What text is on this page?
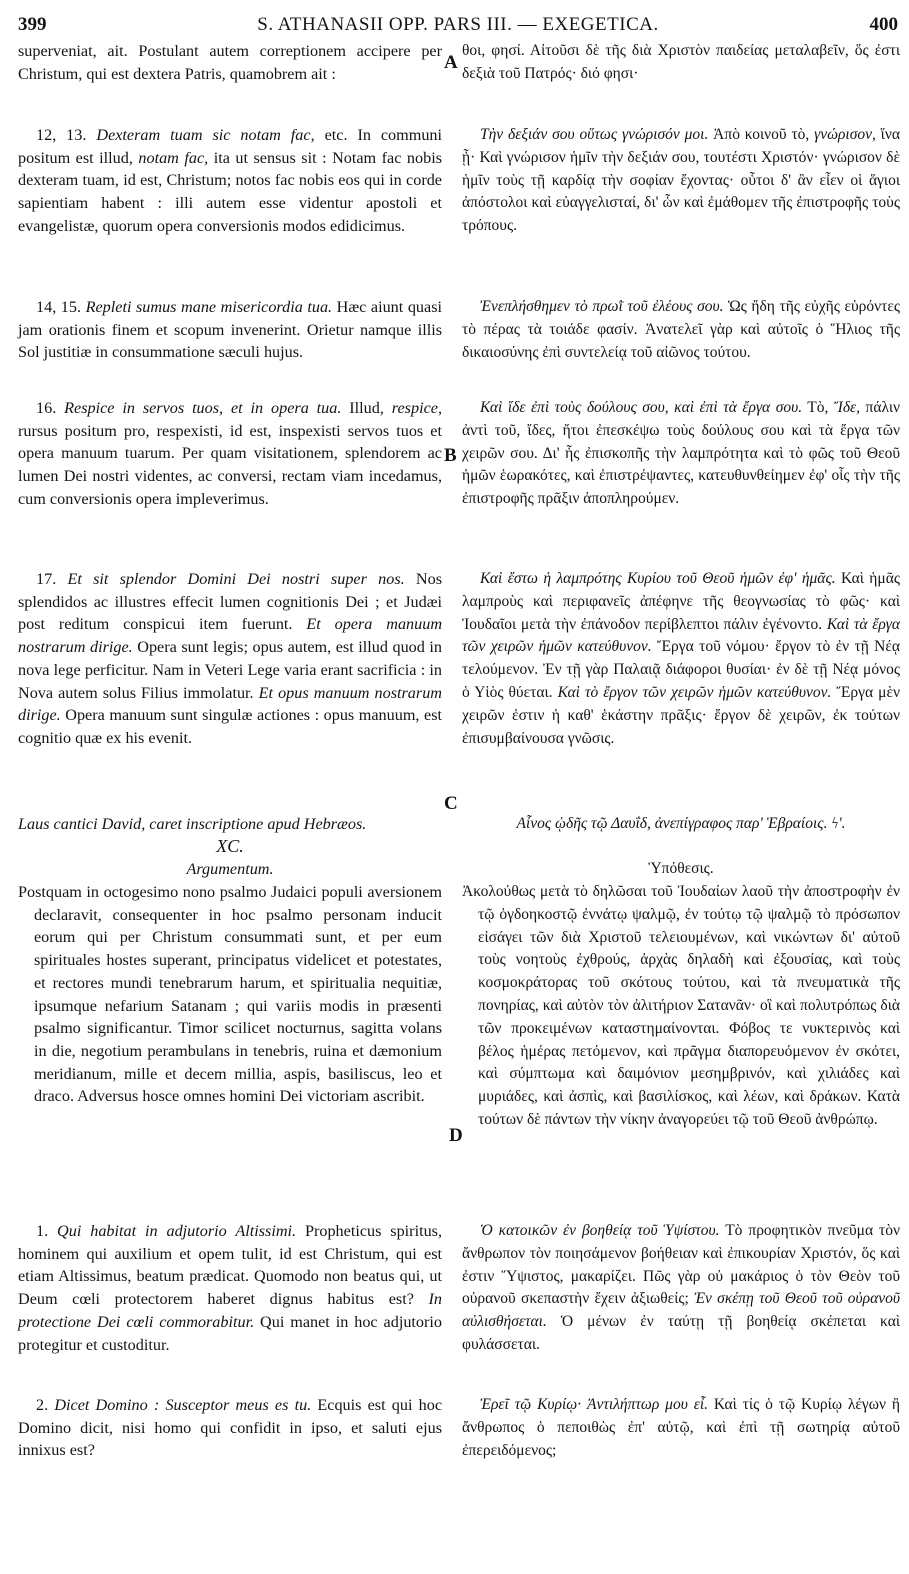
399	S. ATHANASII OPP. PARS III. — EXEGETICA.	400
A
B
C
D

superveniat, ait. Postulant autem correptionem accipere per Christum, qui est dextera Patris, quamobrem ait :

12, 13. Dexteram tuam sic notam fac, etc. In communi positum est illud, notam fac, ita ut sensus sit : Notam fac nobis dexteram tuam, id est, Christum; notos fac nobis eos qui in corde sapientiam habent : illi autem esse videntur apostoli et evangelistæ, quorum opera conversionis modos edidicimus.

14, 15. Repleti sumus mane misericordia tua. Hæc aiunt quasi jam orationis finem et scopum invenerint. Orietur namque illis Sol justitiæ in consummatione sæculi hujus.

16. Respice in servos tuos, et in opera tua. Illud, respice, rursus positum pro, respexisti, id est, inspexisti servos tuos et opera manuum tuarum. Per quam visitationem, splendorem ac lumen Dei nostri videntes, ac conversi, rectam viam incedamus, cum conversionis opera impleverimus.

17. Et sit splendor Domini Dei nostri super nos. Nos splendidos ac illustres effecit lumen cognitionis Dei ; et Judæi post reditum conspicui item fuerunt. Et opera manuum nostrarum dirige. Opera sunt legis; opus autem, est illud quod in nova lege perficitur. Nam in Veteri Lege varia erant sacrificia : in Nova autem solus Filius immolatur. Et opus manuum nostrarum dirige. Opera manuum sunt singulæ actiones : opus manuum, est cognitio quæ ex his evenit.

Laus cantici David, caret inscriptione apud Hebræos.

XC.

Argumentum.

Postquam in octogesimo nono psalmo Judaici populi aversionem declaravit, consequenter in hoc psalmo personam inducit eorum qui per Christum consummati sunt, et per eum spirituales hostes superant, principatus videlicet et potestates, et rectores mundi tenebrarum harum, et spiritualia nequitiæ, ipsumque nefarium Satanam ; qui variis modis in præsenti psalmo significantur. Timor scilicet nocturnus, sagitta volans in die, negotium perambulans in tenebris, ruina et dæmonium meridianum, mille et decem millia, aspis, basiliscus, leo et draco. Adversus hosce omnes homini Dei victoriam ascribit.

1. Qui habitat in adjutorio Altissimi. Propheticus spiritus, hominem qui auxilium et opem tulit, id est Christum, qui est etiam Altissimus, beatum prædicat. Quomodo non beatus qui, ut Deum cœli protectorem haberet dignus habitus est? In protectione Dei cœli commorabitur. Qui manet in hoc adjutorio protegitur et custoditur.

2. Dicet Domino : Susceptor meus es tu. Ecquis est qui hoc Domino dicit, nisi homo qui confidit in ipso, et saluti ejus innixus est?

θοι, φησί. Αἰτοῦσι δὲ τῆς διὰ Χριστὸν παιδείας μεταλαβεῖν, ὅς ἐστι δεξιὰ τοῦ Πατρός· διό φησι·

Τὴν δεξιάν σου οὕτως γνώρισόν μοι. Ἀπὸ κοινοῦ τὸ, γνώρισον, ἵνα ᾖ· Καὶ γνώρισον ἡμῖν τὴν δεξιάν σου, τουτέστι Χριστόν· γνώρισον δὲ ἡμῖν τοὺς τῇ καρδίᾳ τὴν σοφίαν ἔχοντας· οὗτοι δ' ἂν εἶεν οἱ ἅγιοι ἀπόστολοι καὶ εὐαγγελισταί, δι' ὧν καὶ ἐμάθομεν τῆς ἐπιστροφῆς τοὺς τρόπους.

Ἐνεπλήσθημεν τὸ πρωῒ τοῦ ἐλέους σου. Ὡς ἤδη τῆς εὐχῆς εὑρόντες τὸ πέρας τὰ τοιάδε φασίν. Ἀνατελεῖ γὰρ καὶ αὐτοῖς ὁ Ἥλιος τῆς δικαιοσύνης ἐπὶ συντελείᾳ τοῦ αἰῶνος τούτου.

Καὶ ἴδε ἐπὶ τοὺς δούλους σου, καὶ ἐπὶ τὰ ἔργα σου. Τὸ, Ἴδε, πάλιν ἀντὶ τοῦ, ἴδες, ἤτοι ἐπεσκέψω τοὺς δούλους σου καὶ τὰ ἔργα τῶν χειρῶν σου. Δι' ἧς ἐπισκοπῆς τὴν λαμπρότητα καὶ τὸ φῶς τοῦ Θεοῦ ἡμῶν ἑωρακότες, καὶ ἐπιστρέψαντες, κατευθυνθείημεν ἐφ' οἷς τὴν τῆς ἐπιστροφῆς πρᾶξιν ἀποπληρούμεν.

Καὶ ἔστω ἡ λαμπρότης Κυρίου τοῦ Θεοῦ ἡμῶν ἐφ' ἡμᾶς. Καὶ ἡμᾶς λαμπροὺς καὶ περιφανεῖς ἀπέφηνε τῆς θεογνωσίας τὸ φῶς· καὶ Ἰουδαῖοι μετὰ τὴν ἐπάνοδον περίβλεπτοι πάλιν ἐγένοντο. Καὶ τὰ ἔργα τῶν χειρῶν ἡμῶν κατεύθυνον. Ἔργα τοῦ νόμου· ἔργον τὸ ἐν τῇ Νέᾳ τελούμενον. Ἐν τῇ γὰρ Παλαιᾷ διάφοροι θυσίαι· ἐν δὲ τῇ Νέᾳ μόνος ὁ Υἱὸς θύεται. Καὶ τὸ ἔργον τῶν χειρῶν ἡμῶν κατεύθυνον. Ἔργα μὲν χειρῶν ἐστιν ἡ καθ' ἑκάστην πρᾶξις· ἔργον δὲ χειρῶν, ἐκ τούτων ἐπισυμβαίνουσα γνῶσις.

Αἶνος ᾠδῆς τῷ Δαυΐδ, ἀνεπίγραφος παρ' Ἑβραίοις. ϟ'.

Ὑπόθεσις.

Ἀκολούθως μετὰ τὸ δηλῶσαι τοῦ Ἰουδαίων λαοῦ τὴν ἀποστροφὴν ἐν τῷ ὀγδοηκοστῷ ἐννάτῳ ψαλμῷ, ἐν τούτῳ τῷ ψαλμῷ τὸ πρόσωπον εἰσάγει τῶν διὰ Χριστοῦ τελειουμένων, καὶ νικώντων δι' αὐτοῦ τοὺς νοητοὺς ἐχθρούς, ἀρχὰς δηλαδὴ καὶ ἐξουσίας, καὶ τοὺς κοσμοκράτορας τοῦ σκότους τούτου, καὶ τὰ πνευματικὰ τῆς πονηρίας, καὶ αὐτὸν τὸν ἀλιτήριον Σατανᾶν· οἳ καὶ πολυτρόπως διὰ τῶν προκειμένων καταστημαίνονται. Φόβος τε νυκτερινὸς καὶ βέλος ἡμέρας πετόμενον, καὶ πρᾶγμα διαπορευόμενον ἐν σκότει, καὶ σύμπτωμα καὶ δαιμόνιον μεσημβρινόν, καὶ χιλιάδες καὶ μυριάδες, καὶ ἀσπὶς, καὶ βασιλίσκος, καὶ λέων, καὶ δράκων. Κατὰ τούτων δὲ πάντων τὴν νίκην ἀναγορεύει τῷ τοῦ Θεοῦ ἀνθρώπῳ.

Ὁ κατοικῶν ἐν βοηθείᾳ τοῦ Ὑψίστου. Τὸ προφητικὸν πνεῦμα τὸν ἄνθρωπον τὸν ποιησάμενον βοήθειαν καὶ ἐπικουρίαν Χριστόν, ὅς καὶ ἐστιν Ὕψιστος, μακαρίζει. Πῶς γὰρ οὐ μακάριος ὁ τὸν Θεὸν τοῦ οὐρανοῦ σκεπαστὴν ἔχειν ἀξιωθείς; Ἐν σκέπῃ τοῦ Θεοῦ τοῦ οὐρανοῦ αὐλισθήσεται. Ὁ μένων ἐν ταύτῃ τῇ βοηθείᾳ σκέπεται καὶ φυλάσσεται.

Ἐρεῖ τῷ Κυρίῳ· Ἀντιλήπτωρ μου εἶ. Καὶ τίς ὁ τῷ Κυρίῳ λέγων ἢ ἄνθρωπος ὁ πεποιθὼς ἐπ' αὐτῷ, καὶ ἐπὶ τῇ σωτηρίᾳ αὐτοῦ ἐπερειδόμενος;
